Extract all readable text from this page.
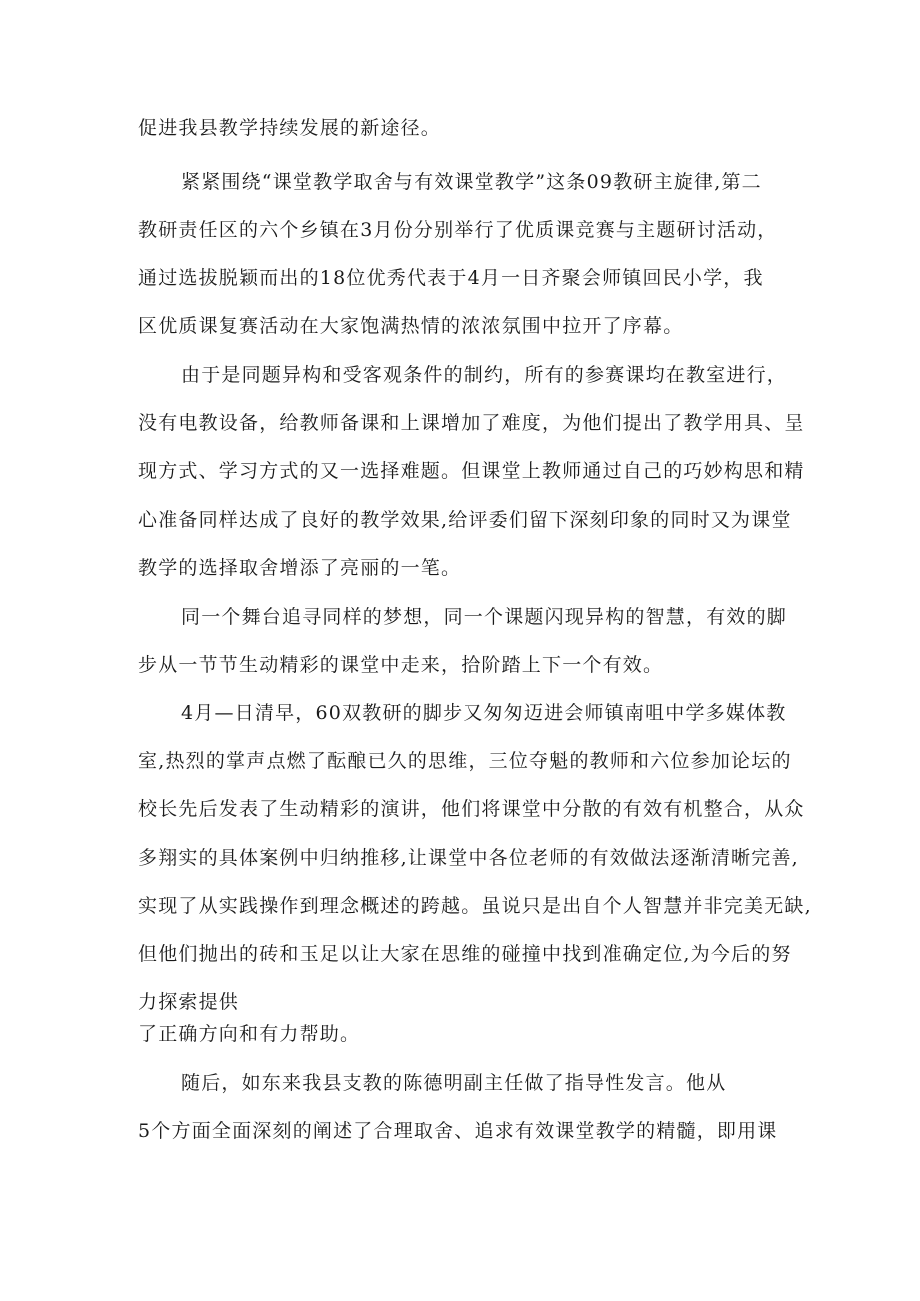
促进我县教学持续发展的新途径。
紧紧围绕“课堂教学取舍与有效课堂教学”这条09教研主旋律,第二
教研责任区的六个乡镇在3月份分别举行了优质课竞赛与主题研讨活动，
通过选拔脱颖而出的18位优秀代表于4月一日齐聚会师镇回民小学，我
区优质课复赛活动在大家饱满热情的浓浓氛围中拉开了序幕。
由于是同题异构和受客观条件的制约，所有的参赛课均在教室进行，
没有电教设备，给教师备课和上课增加了难度，为他们提出了教学用具、呈
现方式、学习方式的又一选择难题。但课堂上教师通过自己的巧妙构思和精
心准备同样达成了良好的教学效果,给评委们留下深刻印象的同时又为课堂
教学的选择取舍增添了亮丽的一笔。
同一个舞台追寻同样的梦想，同一个课题闪现异构的智慧，有效的脚
步从一节节生动精彩的课堂中走来，拾阶踏上下一个有效。
4月—日清早，60双教研的脚步又匆匆迈进会师镇南咀中学多媒体教
室,热烈的掌声点燃了酝酿已久的思维，三位夺魁的教师和六位参加论坛的
校长先后发表了生动精彩的演讲，他们将课堂中分散的有效有机整合，从众
多翔实的具体案例中归纳推移,让课堂中各位老师的有效做法逐渐清晰完善,
实现了从实践操作到理念概述的跨越。虽说只是出自个人智慧并非完美无缺,
但他们抛出的砖和玉足以让大家在思维的碰撞中找到准确定位,为今后的努
力探索提供
了正确方向和有力帮助。
随后，如东来我县支教的陈德明副主任做了指导性发言。他从
5个方面全面深刻的阐述了合理取舍、追求有效课堂教学的精髓，即用课
